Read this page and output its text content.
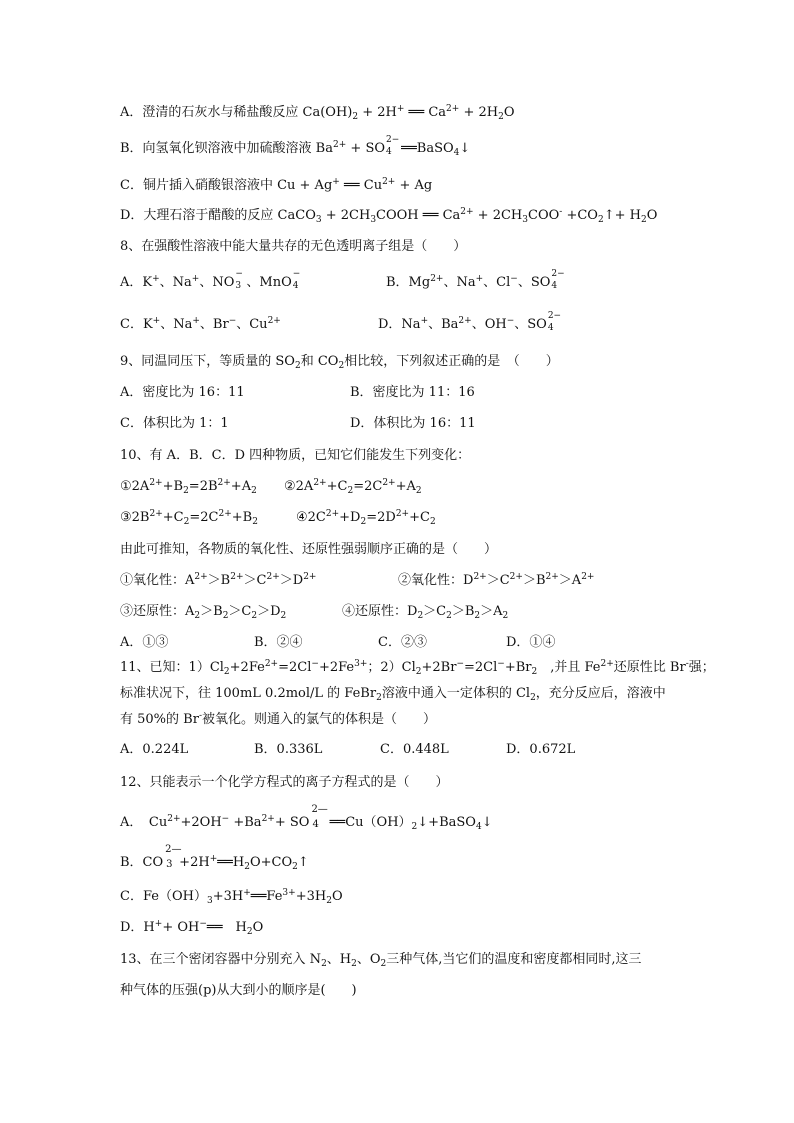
A．澄清的石灰水与稀盐酸反应 $Ca(OH)_2 + 2H^+$ ══ $Ca^{2+} + 2H_2O$
B．向氢氧化钡溶液中加硫酸溶液 $Ba^{2+}$ + SO
2−
4 ══BaSO$_4$↓
C．铜片插入硝酸银溶液中 Cu + Ag+ ══ $Cu^{2+} + Ag$
D．大理石溶于醋酸的反应 CaCO$_3$ + $2CH_3COOH$ ══ $Ca^{2+} + 2CH_3COO^-$ $+CO_2↑+ H_2O$
8、在强酸性溶液中能大量共存的无色透明离子组是（　　）
A．K+、Na+、NO
−
3 、MnO
−
4	B．$Mg^{2+}$、Na+、Cl−、SO
2−
4
C．K+、Na+、Br−、$Cu^{2+}$	D．Na+、$Ba^{2+}$、OH−、SO
2−
4
9、同温同压下，等质量的 $SO_2$和 $CO_2$相比较，下列叙述正确的是　（　　）
A．密度比为 16：11	B．密度比为 11：16
C．体积比为 1：1	D．体积比为 16：11
10、有 A．B．C．D 四种物质，已知它们能发生下列变化：
$①2A^{2+}+B_2=2B^{2+}+A_2$ $②2A^{2+}+C_2=2C^{2+}+A_2$
$③2B^{2+}+C_2=2C^{2+}+B_2$	$④2C^{2+}+D_2=2D^{2+}+C_2$
由此可推知，各物质的氧化性、还原性强弱顺序正确的是（　　）
①氧化性：$A^{2+}>B^{2+}>C^{2+}>D^{2+}$	②氧化性：$D^{2+}>C^{2+}>B^{2+}>A^{2+}$
③还原性：$A_2>B_2>C_2>D_2$	④还原性：$D_2>C_2>B_2>A_2$
A．①③	B．②④	C．②③	D．①④
11、已知：$1)Cl_2+2Fe^{2+}=2Cl^-+2Fe^{3+}$；$2)Cl_2+2Br^-=2Cl^-+Br_2$　,并且 $Fe^{2+}$还原性比 Br-强；
标准状况下，往 100mL 0.2mol/L 的 FeBr$_2$溶液中通入一定体积的 $Cl_2$，充分反应后，溶液中
有 50%的 Br-被氧化。则通入的氯气的体积是（　　）
A．0.224L	B．0.336L	C．0.448L	D．0.672L
12、只能表示一个化学方程式的离子方程式的是（　　）
A．　$Cu^{2+}+2OH^- +Ba^{2+}+$ SO
2—
4 $══Cu(OH)_2↓+BaSO_4↓$
B．CO
2—
$3 +2H^+══H_2O+CO_2↑$
C．$Fe(OH)_3+3H^+══Fe^{3+}+3H_2O$
D．H++ OH−══　$H_2O$
13、在三个密闭容器中分别充入 $N_2$、$H_2$、$O_2$三种气体,当它们的温度和密度都相同时,这三
种气体的压强(p)从大到小的顺序是(　　)
